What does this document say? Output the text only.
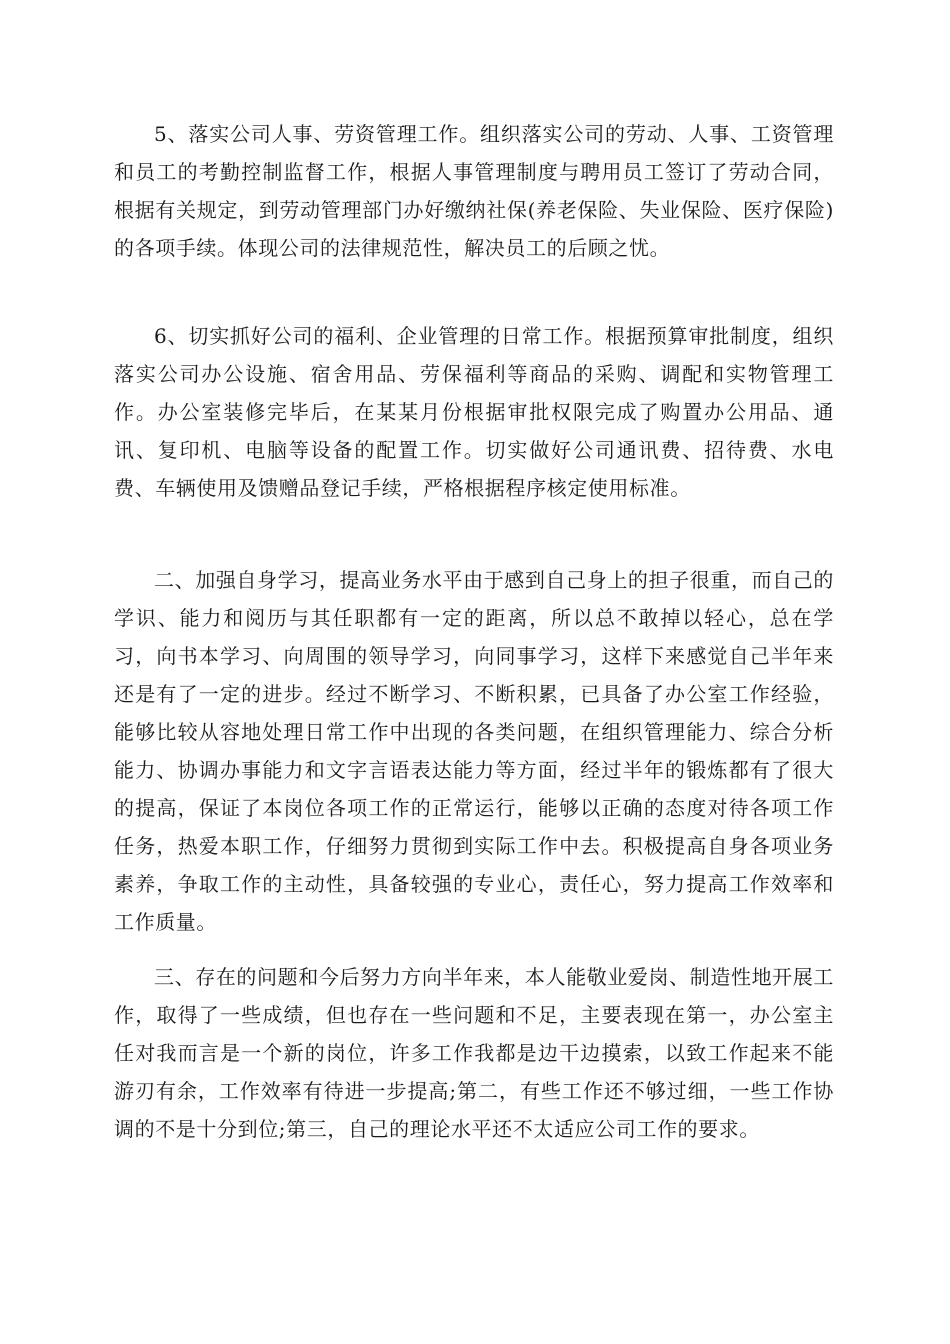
5、落实公司人事、劳资管理工作。组织落实公司的劳动、人事、工资管理和员工的考勤控制监督工作，根据人事管理制度与聘用员工签订了劳动合同，根据有关规定，到劳动管理部门办好缴纳社保(养老保险、失业保险、医疗保险)的各项手续。体现公司的法律规范性，解决员工的后顾之忧。

6、切实抓好公司的福利、企业管理的日常工作。根据预算审批制度，组织落实公司办公设施、宿舍用品、劳保福利等商品的采购、调配和实物管理工作。办公室装修完毕后，在某某月份根据审批权限完成了购置办公用品、通讯、复印机、电脑等设备的配置工作。切实做好公司通讯费、招待费、水电费、车辆使用及馈赠品登记手续，严格根据程序核定使用标准。

二、加强自身学习，提高业务水平由于感到自己身上的担子很重，而自己的学识、能力和阅历与其任职都有一定的距离，所以总不敢掉以轻心，总在学习，向书本学习、向周围的领导学习，向同事学习，这样下来感觉自己半年来还是有了一定的进步。经过不断学习、不断积累，已具备了办公室工作经验，能够比较从容地处理日常工作中出现的各类问题，在组织管理能力、综合分析能力、协调办事能力和文字言语表达能力等方面，经过半年的锻炼都有了很大的提高，保证了本岗位各项工作的正常运行，能够以正确的态度对待各项工作任务，热爱本职工作，仔细努力贯彻到实际工作中去。积极提高自身各项业务素养，争取工作的主动性，具备较强的专业心，责任心，努力提高工作效率和工作质量。

三、存在的问题和今后努力方向半年来，本人能敬业爱岗、制造性地开展工作，取得了一些成绩，但也存在一些问题和不足，主要表现在第一，办公室主任对我而言是一个新的岗位，许多工作我都是边干边摸索，以致工作起来不能游刃有余，工作效率有待进一步提高;第二，有些工作还不够过细，一些工作协调的不是十分到位;第三，自己的理论水平还不太适应公司工作的要求。
